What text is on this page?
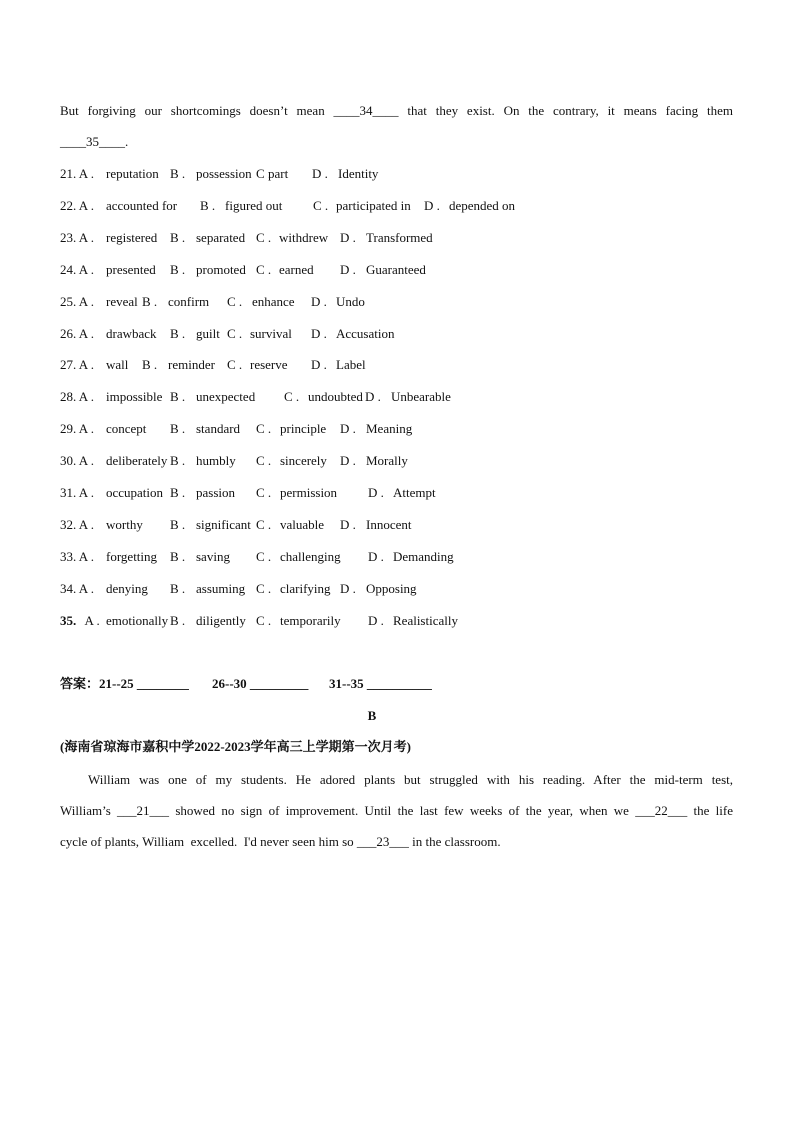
But forgiving our shortcomings doesn’t mean ____34____ that they exist. On the contrary, it means facing them
____35____.
21. A . reputation B . possession C .
part D . Identity
22. A . accounted for B . figured out C . participated in D . depended on
23. A . registered B . separated C . withdrew D . Transformed
24. A . presented B . promoted C . earned D . Guaranteed
25. A . reveal B . confirm C . enhance D . Undo
26. A . drawback B . guilt C . survival D . Accusation
27. A . wall B . reminder C . reserve D . Label
28. A . impossible B . unexpected C . undoubted D . Unbearable
29. A . concept B . standard C . principle D . Meaning
30. A . deliberately B . humbly C . sincerely D . Morally
31. A . occupation B . passion C . permission D . Attempt
32. A . worthy B . significant C . valuable D . Innocent
33. A . forgetting B . saving C . challenging D . Demanding
34. A . denying B . assuming C . clarifying D . Opposing
35. A . emotionally B . diligently C . temporarily D . Realistically

答案：21--25 ________

26--30 _________

31--35 __________

B
(海南省琼海市嘉积中学2022-2023学年高三上学期第一次月考)
William was one of my students. He adored plants but struggled with his reading. After the mid-term test,
William’s ___21___ showed no sign of improvement. Until the last few weeks of the year, when we ___22___ the life
cycle of plants, William  excelled.  I'd never seen him so ___23___ in the classroom.
